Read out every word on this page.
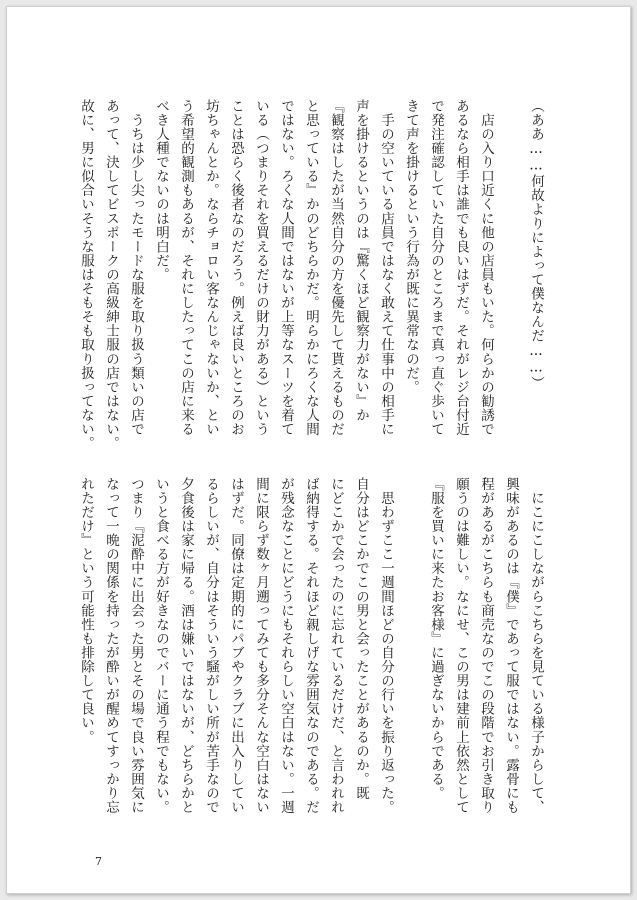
（ああ……何故よりによって僕なんだ……）

　店の入り口近くに他の店員もいた。何らかの勧誘で

あるなら相手は誰でも良いはずだ。それがレジ台付近

で発注確認していた自分のところまで真っ直ぐ歩いて

きて声を掛けるという行為が既に異常なのだ。

　手の空いている店員ではなく敢えて仕事中の相手に

声を掛けるというのは『驚くほど観察力がない』か

『観察はしたが当然自分の方を優先して貰えるものだ

と思っている』かのどちらかだ。明らかにろくな人間

ではない。ろくな人間ではないが上等なスーツを着て

いる（つまりそれを買えるだけの財力がある）という

ことは恐らく後者なのだろう。例えば良いところのお

坊ちゃんとか。ならチョロい客なんじゃないか、とい

う希望的観測もあるが、それにしたってこの店に来る

べき人種でないのは明白だ。

　うちは少し尖ったモードな服を取り扱う類いの店で

あって、決してビスポークの高級紳士服の店ではない。

故に、男に似合いそうな服はそもそも取り扱ってない。

　にこにこしながらこちらを見ている様子からして、

興味があるのは『僕』であって服ではない。露骨にも

程があるがこちらも商売なのでこの段階でお引き取り

願うのは難しい。なにせ、この男は建前上依然として

『服を買いに来たお客様』に過ぎないからである。

　思わずここ一週間ほどの自分の行いを振り返った。

自分はどこかでこの男と会ったことがあるのか。既

にどこかで会ったのに忘れているだけだ、と言われれ

ば納得する。それほど親しげな雰囲気なのである。だ

が残念なことにどうにもそれらしい空白はない。一週

間に限らず数ヶ月遡ってみても多分そんな空白はない

はずだ。同僚は定期的にパブやクラブに出入りしてい

るらしいが、自分はそういう騒がしい所が苦手なので

夕食後は家に帰る。酒は嫌いではないが、どちらかと

いうと食べる方が好きなのでバーに通う程でもない。

つまり『泥酔中に出会った男とその場で良い雰囲気に

なって一晩の関係を持ったが酔いが醒めてすっかり忘

れただけ』という可能性も排除して良い。

7
